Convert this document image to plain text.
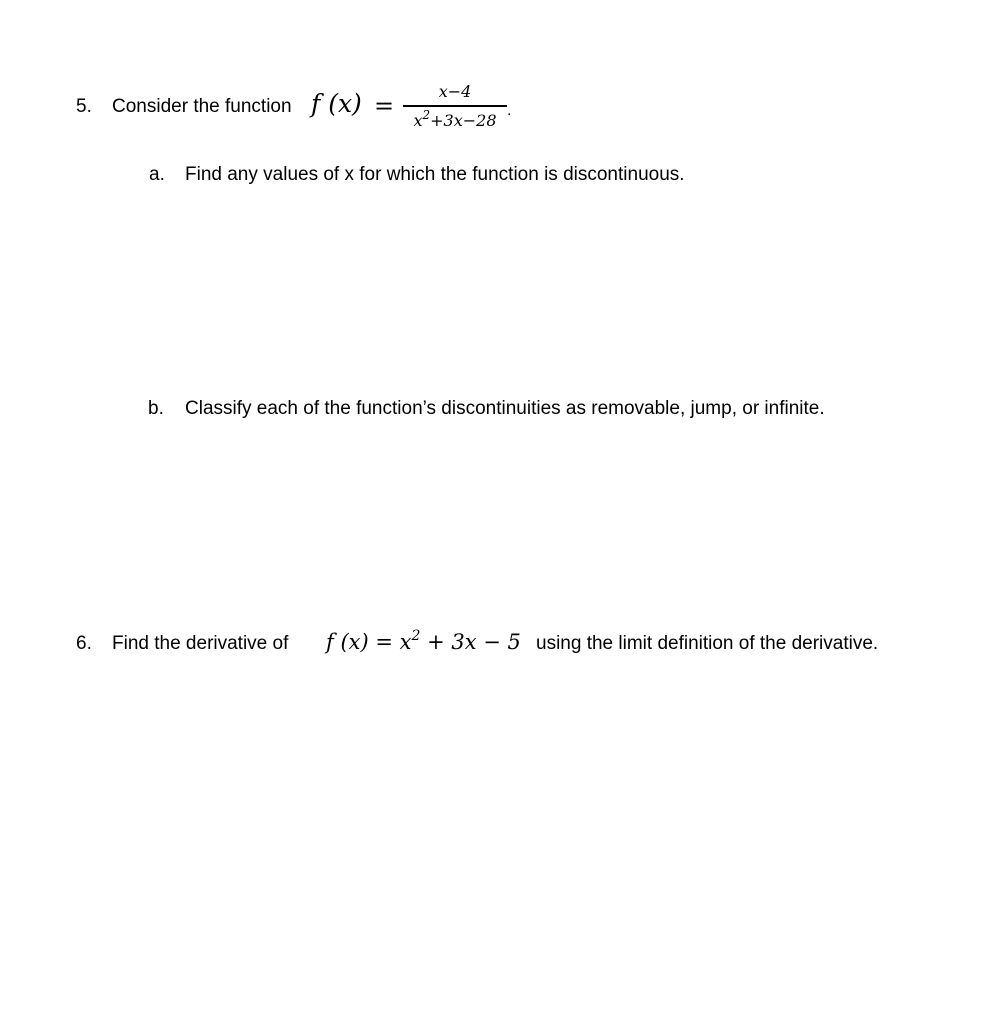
5. Consider the function f (x) =
x−4
$x^2+3x-28$
.
a. Find any values of x for which the function is discontinuous.
b. Classify each of the function’s discontinuities as removable, jump, or infinite.
6. Find the derivative of f $(x) = x^2 + 3x - 5$ using the limit definition of the derivative.
